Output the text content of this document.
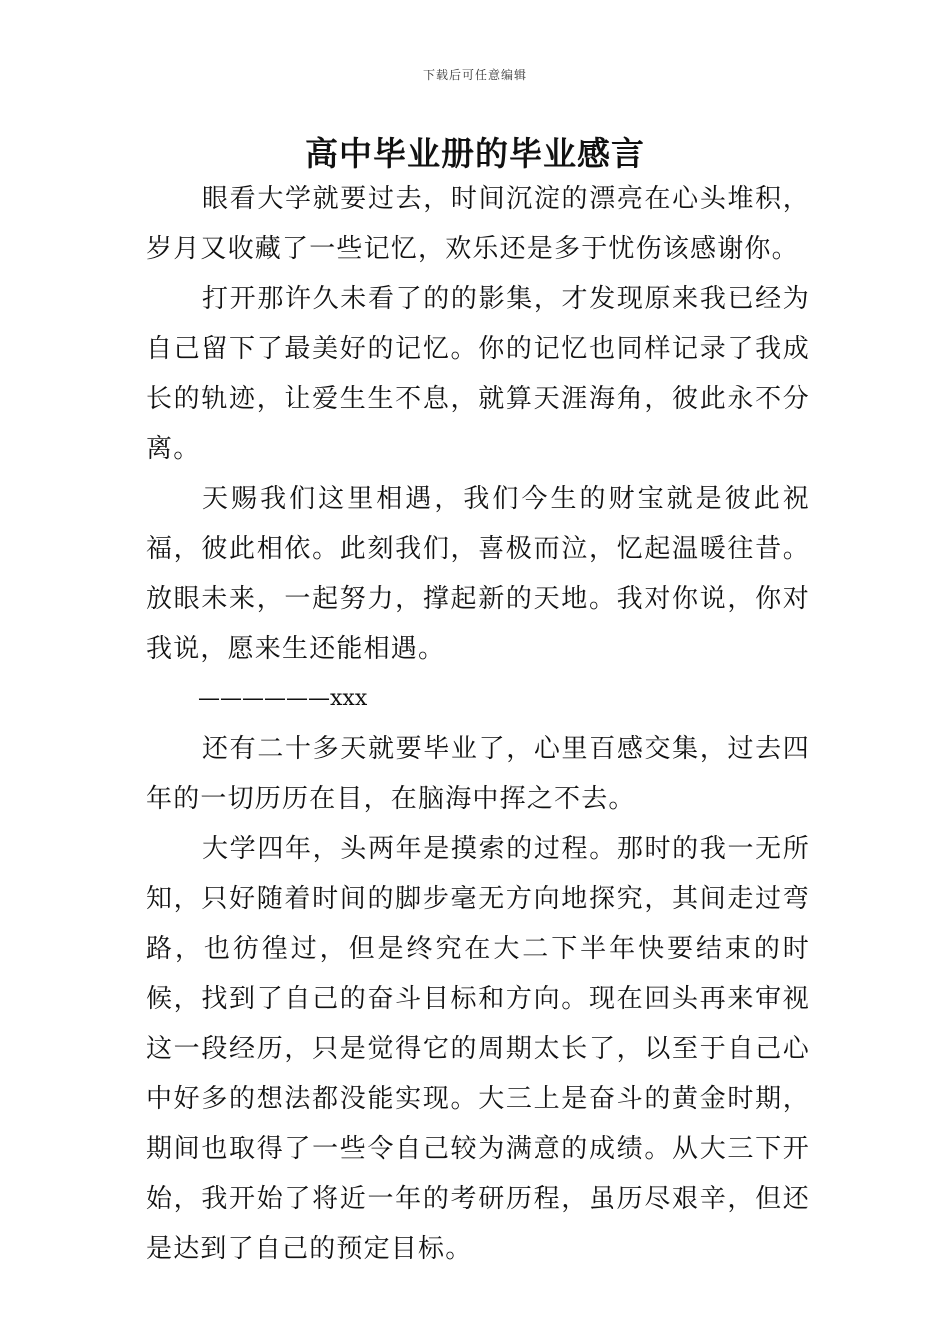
下载后可任意编辑
高中毕业册的毕业感言

眼看大学就要过去，时间沉淀的漂亮在心头堆积，岁月又收藏了一些记忆，欢乐还是多于忧伤该感谢你。

打开那许久未看了的的影集，才发现原来我已经为自己留下了最美好的记忆。你的记忆也同样记录了我成长的轨迹，让爱生生不息，就算天涯海角，彼此永不分离。

天赐我们这里相遇，我们今生的财宝就是彼此祝福，彼此相依。此刻我们，喜极而泣，忆起温暖往昔。放眼未来，一起努力，撑起新的天地。我对你说，你对我说，愿来生还能相遇。

——————xxx

还有二十多天就要毕业了，心里百感交集，过去四年的一切历历在目，在脑海中挥之不去。

大学四年，头两年是摸索的过程。那时的我一无所知，只好随着时间的脚步毫无方向地探究，其间走过弯路，也彷徨过，但是终究在大二下半年快要结束的时候，找到了自己的奋斗目标和方向。现在回头再来审视这一段经历，只是觉得它的周期太长了，以至于自己心中好多的想法都没能实现。大三上是奋斗的黄金时期，期间也取得了一些令自己较为满意的成绩。从大三下开始，我开始了将近一年的考研历程，虽历尽艰辛，但还是达到了自己的预定目标。
